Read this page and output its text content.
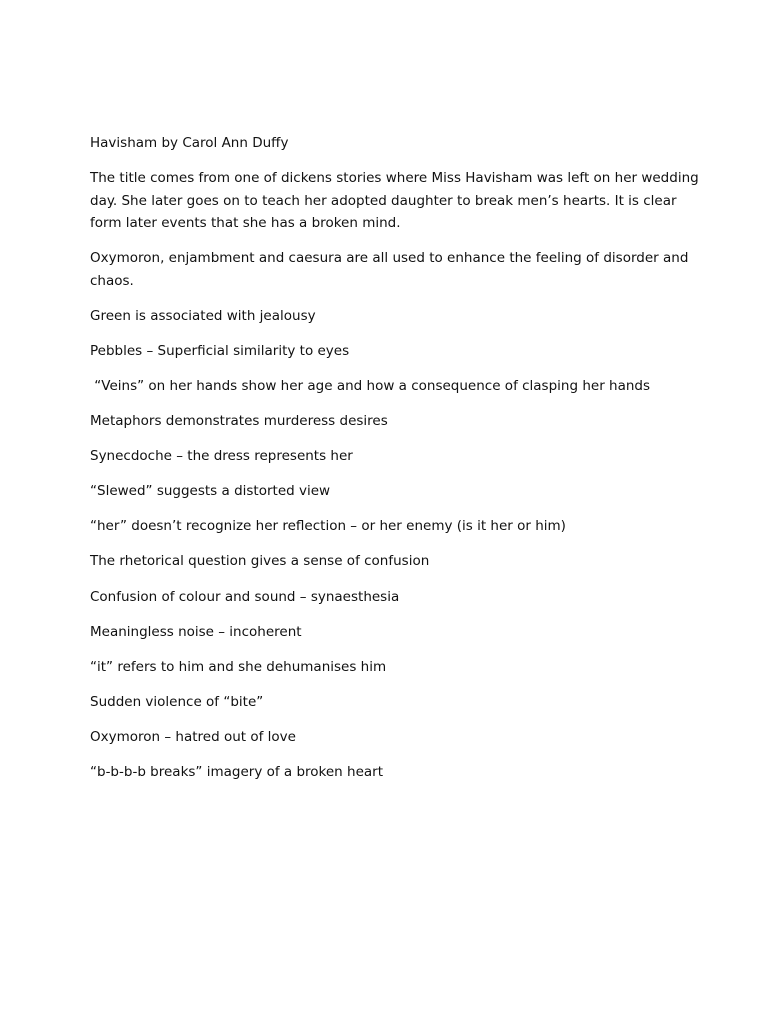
Havisham by Carol Ann Duffy

The title comes from one of dickens stories where Miss Havisham was left on her wedding day. She later goes on to teach her adopted daughter to break men’s hearts. It is clear form later events that she has a broken mind.

Oxymoron, enjambment and caesura are all used to enhance the feeling of disorder and chaos.

Green is associated with jealousy

Pebbles – Superficial similarity to eyes

“Veins” on her hands show her age and how a consequence of clasping her hands

Metaphors demonstrates murderess desires

Synecdoche – the dress represents her

“Slewed” suggests a distorted view

“her” doesn’t recognize her reflection – or her enemy (is it her or him)

The rhetorical question gives a sense of confusion

Confusion of colour and sound – synaesthesia

Meaningless noise – incoherent

“it” refers to him and she dehumanises him

Sudden violence of “bite”

Oxymoron – hatred out of love

“b-b-b-b breaks” imagery of a broken heart
